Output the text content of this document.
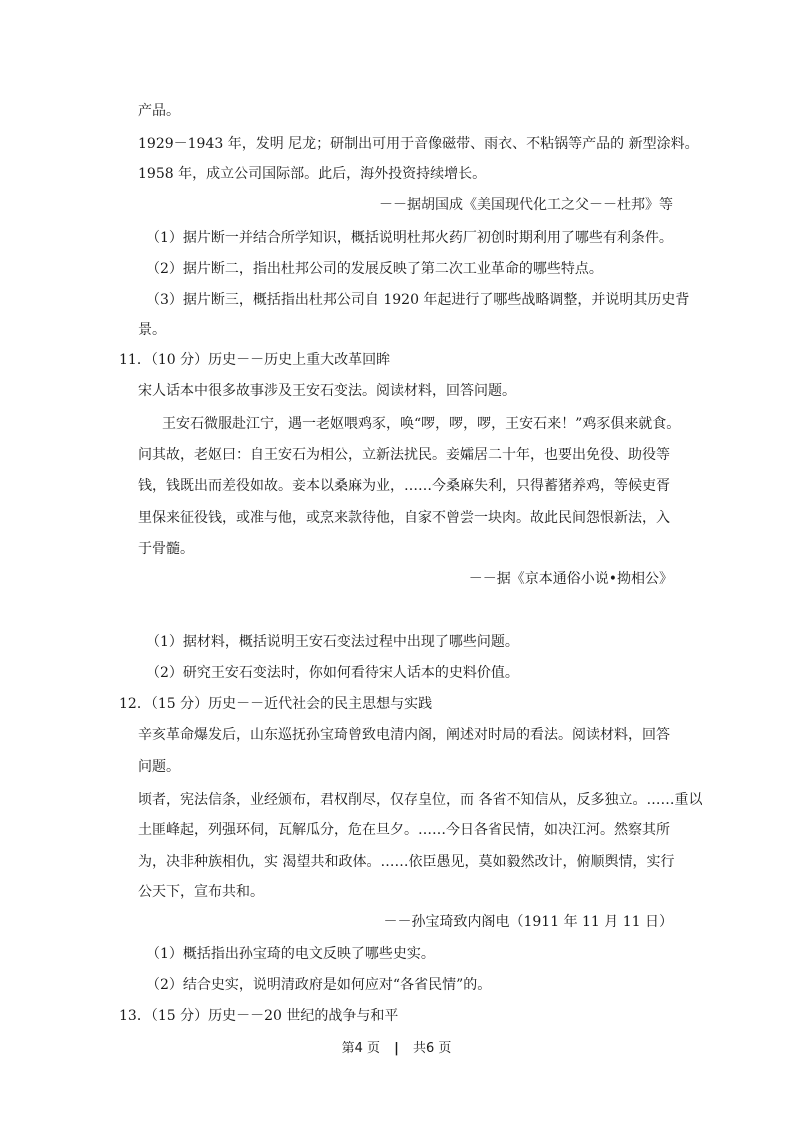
产品。
1929－1943 年，发明 尼龙；研制出可用于音像磁带、雨衣、不粘锅等产品的 新型涂料。
1958 年，成立公司国际部。此后，海外投资持续增长。
－－据胡国成《美国现代化工之父－－杜邦》等
（1）据片断一并结合所学知识，概括说明杜邦火药厂初创时期利用了哪些有利条件。
（2）据片断二，指出杜邦公司的发展反映了第二次工业革命的哪些特点。
（3）据片断三，概括指出杜邦公司自 1920 年起进行了哪些战略调整，并说明其历史背
景。
11．（10 分）历史－－历史上重大改革回眸
宋人话本中很多故事涉及王安石变法。阅读材料，回答问题。
王安石微服赴江宁，遇一老妪喂鸡豕，唤“啰，啰，啰，王安石来！”鸡豕俱来就食。
问其故，老妪曰：自王安石为相公，立新法扰民。妾孀居二十年，也要出免役、助役等
钱，钱既出而差役如故。妾本以桑麻为业，……今桑麻失利，只得蓄猪养鸡，等候吏胥
里保来征役钱，或准与他，或烹来款待他，自家不曾尝一块肉。故此民间怨恨新法，入
于骨髓。
－－据《京本通俗小说•拗相公》
（1）据材料，概括说明王安石变法过程中出现了哪些问题。
（2）研究王安石变法时，你如何看待宋人话本的史料价值。
12．（15 分）历史－－近代社会的民主思想与实践
辛亥革命爆发后，山东巡抚孙宝琦曾致电清内阁，阐述对时局的看法。阅读材料，回答
问题。
顷者，宪法信条，业经颁布，君权削尽，仅存皇位，而 各省不知信从，反多独立。……重以
土匪峰起，列强环伺，瓦解瓜分，危在旦夕。……今日各省民情，如决江河。然察其所
为，决非种族相仇，实 渴望共和政体。……依臣愚见，莫如毅然改计，俯顺舆情，实行
公天下，宣布共和。
－－孙宝琦致内阁电（1911 年 11 月 11 日）
（1）概括指出孙宝琦的电文反映了哪些史实。
（2）结合史实，说明清政府是如何应对“各省民情”的。
13．（15 分）历史－－20 世纪的战争与和平
第4 页 | 共6 页
